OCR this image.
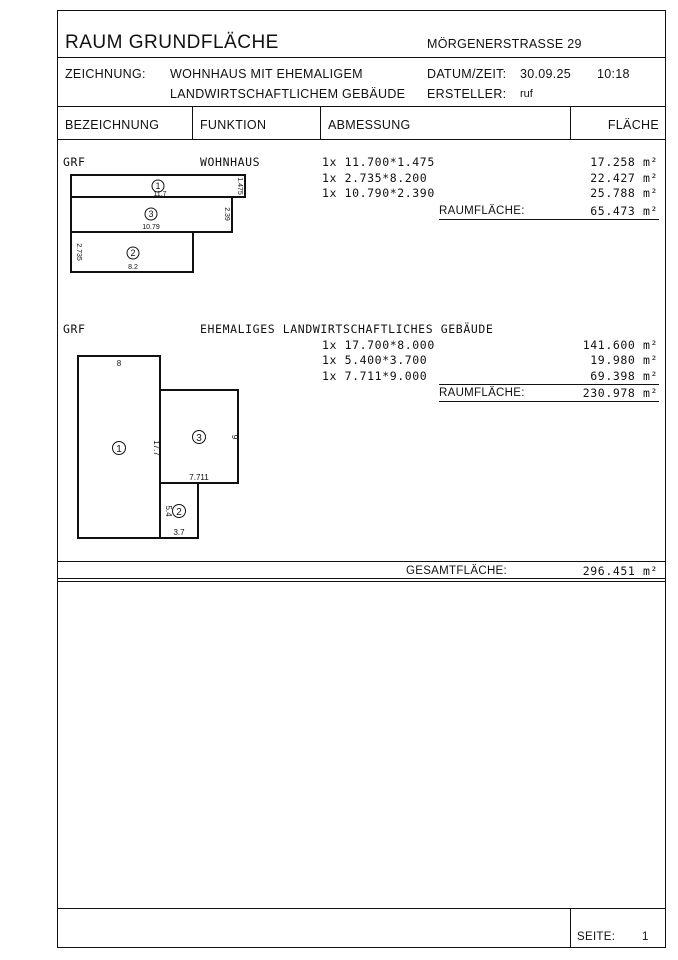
RAUM GRUNDFLÄCHE	MÖRGENERSTRASSE 29
ZEICHNUNG: WOHNHAUS MIT EHEMALIGEM
LANDWIRTSCHAFTLICHEM GEBÄUDE
DATUM/ZEIT: 30.09.25 10:18
ERSTELLER: ruf
BEZEICHNUNG	FUNKTION	ABMESSUNG	FLÄCHE
GRF	WOHNHAUS	1x 11.700*1.475	17.258 m²
1x 2.735*8.200	22.427 m²
1x 10.790*2.390	25.788 m²
RAUMFLÄCHE:	65.473 m²
1
3
2
11.7	1.475
10.79
2.39
2.735
8.2
GRF	EHEMALIGES LANDWIRTSCHAFTLICHES GEBÄUDE
1x 17.700*8.000	141.600 m²
1x 5.400*3.700	19.980 m²
1x 7.711*9.000	69.398 m²
RAUMFLÄCHE:	230.978 m²
1
3
2
8
17.7
9
7.711
5.4
3.7
GESAMTFLÄCHE:	296.451 m²
SEITE: 1
